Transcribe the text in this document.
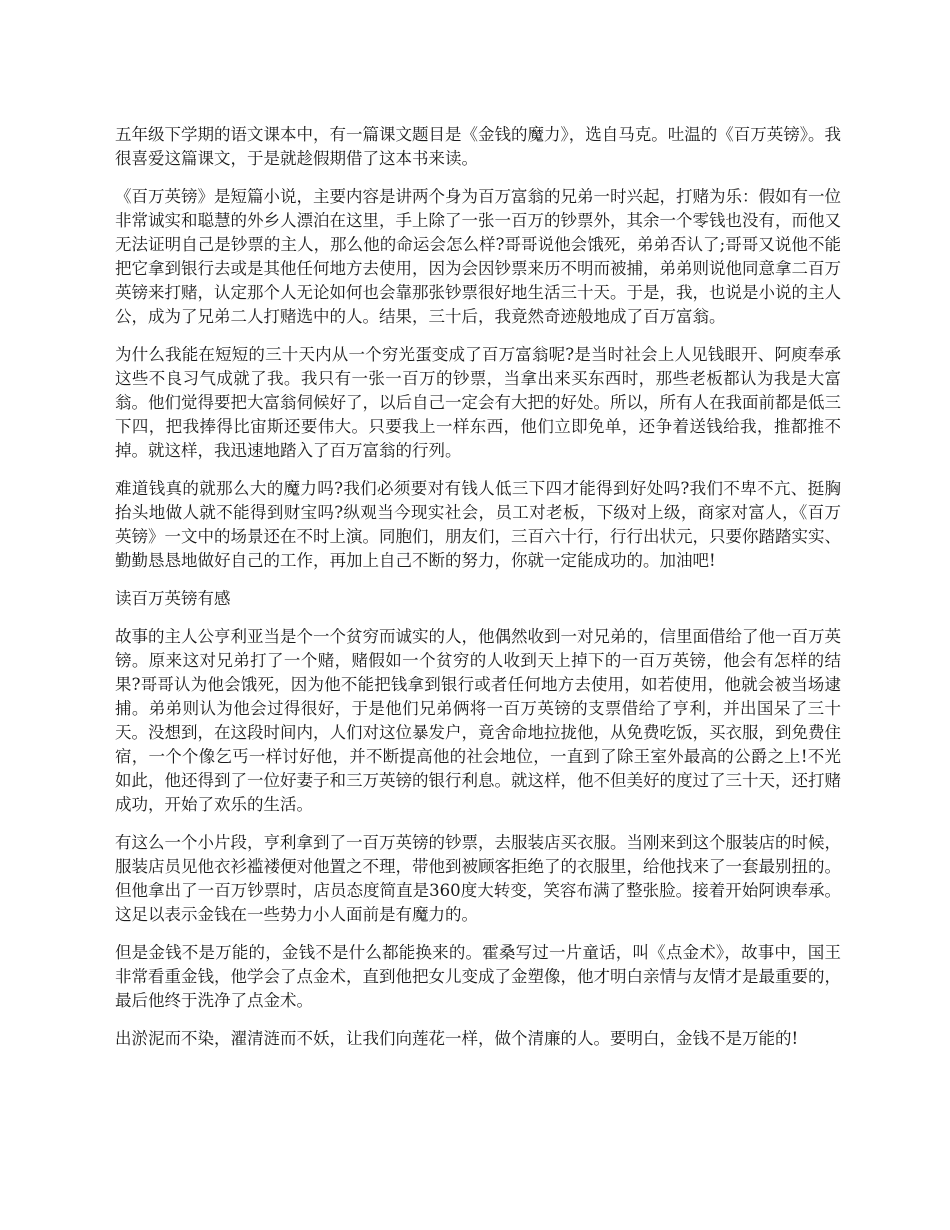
五年级下学期的语文课本中，有一篇课文题目是《金钱的魔力》，选自马克。吐温的《百万英镑》。我很喜爱这篇课文，于是就趁假期借了这本书来读。

《百万英镑》是短篇小说，主要内容是讲两个身为百万富翁的兄弟一时兴起，打赌为乐：假如有一位非常诚实和聪慧的外乡人漂泊在这里，手上除了一张一百万的钞票外，其余一个零钱也没有，而他又无法证明自己是钞票的主人，那么他的命运会怎么样?哥哥说他会饿死，弟弟否认了;哥哥又说他不能把它拿到银行去或是其他任何地方去使用，因为会因钞票来历不明而被捕，弟弟则说他同意拿二百万英镑来打赌，认定那个人无论如何也会靠那张钞票很好地生活三十天。于是，我，也说是小说的主人公，成为了兄弟二人打赌选中的人。结果，三十后，我竟然奇迹般地成了百万富翁。

为什么我能在短短的三十天内从一个穷光蛋变成了百万富翁呢?是当时社会上人见钱眼开、阿庾奉承这些不良习气成就了我。我只有一张一百万的钞票，当拿出来买东西时，那些老板都认为我是大富翁。他们觉得要把大富翁伺候好了，以后自己一定会有大把的好处。所以，所有人在我面前都是低三下四，把我捧得比宙斯还要伟大。只要我上一样东西，他们立即免单，还争着送钱给我，推都推不掉。就这样，我迅速地踏入了百万富翁的行列。

难道钱真的就那么大的魔力吗?我们必须要对有钱人低三下四才能得到好处吗?我们不卑不亢、挺胸抬头地做人就不能得到财宝吗?纵观当今现实社会，员工对老板，下级对上级，商家对富人，《百万英镑》一文中的场景还在不时上演。同胞们，朋友们，三百六十行，行行出状元，只要你踏踏实实、勤勤恳恳地做好自己的工作，再加上自己不断的努力，你就一定能成功的。加油吧!

读百万英镑有感

故事的主人公亨利亚当是个一个贫穷而诚实的人，他偶然收到一对兄弟的，信里面借给了他一百万英镑。原来这对兄弟打了一个赌，赌假如一个贫穷的人收到天上掉下的一百万英镑，他会有怎样的结果?哥哥认为他会饿死，因为他不能把钱拿到银行或者任何地方去使用，如若使用，他就会被当场逮捕。弟弟则认为他会过得很好，于是他们兄弟俩将一百万英镑的支票借给了亨利，并出国呆了三十天。没想到，在这段时间内，人们对这位暴发户，竟舍命地拉拢他，从免费吃饭，买衣服，到免费住宿，一个个像乞丐一样讨好他，并不断提高他的社会地位，一直到了除王室外最高的公爵之上!不光如此，他还得到了一位好妻子和三万英镑的银行利息。就这样，他不但美好的度过了三十天，还打赌成功，开始了欢乐的生活。

有这么一个小片段，亨利拿到了一百万英镑的钞票，去服装店买衣服。当刚来到这个服装店的时候，服装店员见他衣衫褴褛便对他置之不理，带他到被顾客拒绝了的衣服里，给他找来了一套最别扭的。但他拿出了一百万钞票时，店员态度简直是360度大转变，笑容布满了整张脸。接着开始阿谀奉承。这足以表示金钱在一些势力小人面前是有魔力的。

但是金钱不是万能的，金钱不是什么都能换来的。霍桑写过一片童话，叫《点金术》，故事中，国王非常看重金钱，他学会了点金术，直到他把女儿变成了金塑像，他才明白亲情与友情才是最重要的，最后他终于洗净了点金术。

出淤泥而不染，濯清涟而不妖，让我们向莲花一样，做个清廉的人。要明白，金钱不是万能的!
